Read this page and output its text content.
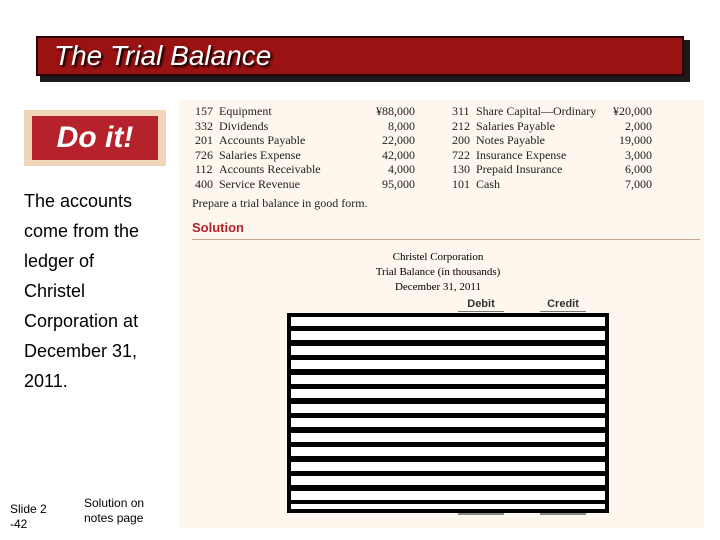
The Trial Balance
Do it!
The accounts
come from the
ledger of
Christel
Corporation at
December 31,
2011.
Slide 2
-42
Solution on
notes page
157	Equipment	¥88,000	311	Share Capital—Ordinary	¥20,000
332	Dividends	8,000	212	Salaries Payable	2,000
201	Accounts Payable	22,000	200	Notes Payable	19,000
726	Salaries Expense	42,000	722	Insurance Expense	3,000
112	Accounts Receivable	4,000	130	Prepaid Insurance	6,000
400	Service Revenue	95,000	101	Cash	7,000
Prepare a trial balance in good form.
Solution
Christel Corporation
Trial Balance (in thousands)
December 31, 2011
Debit	Credit
